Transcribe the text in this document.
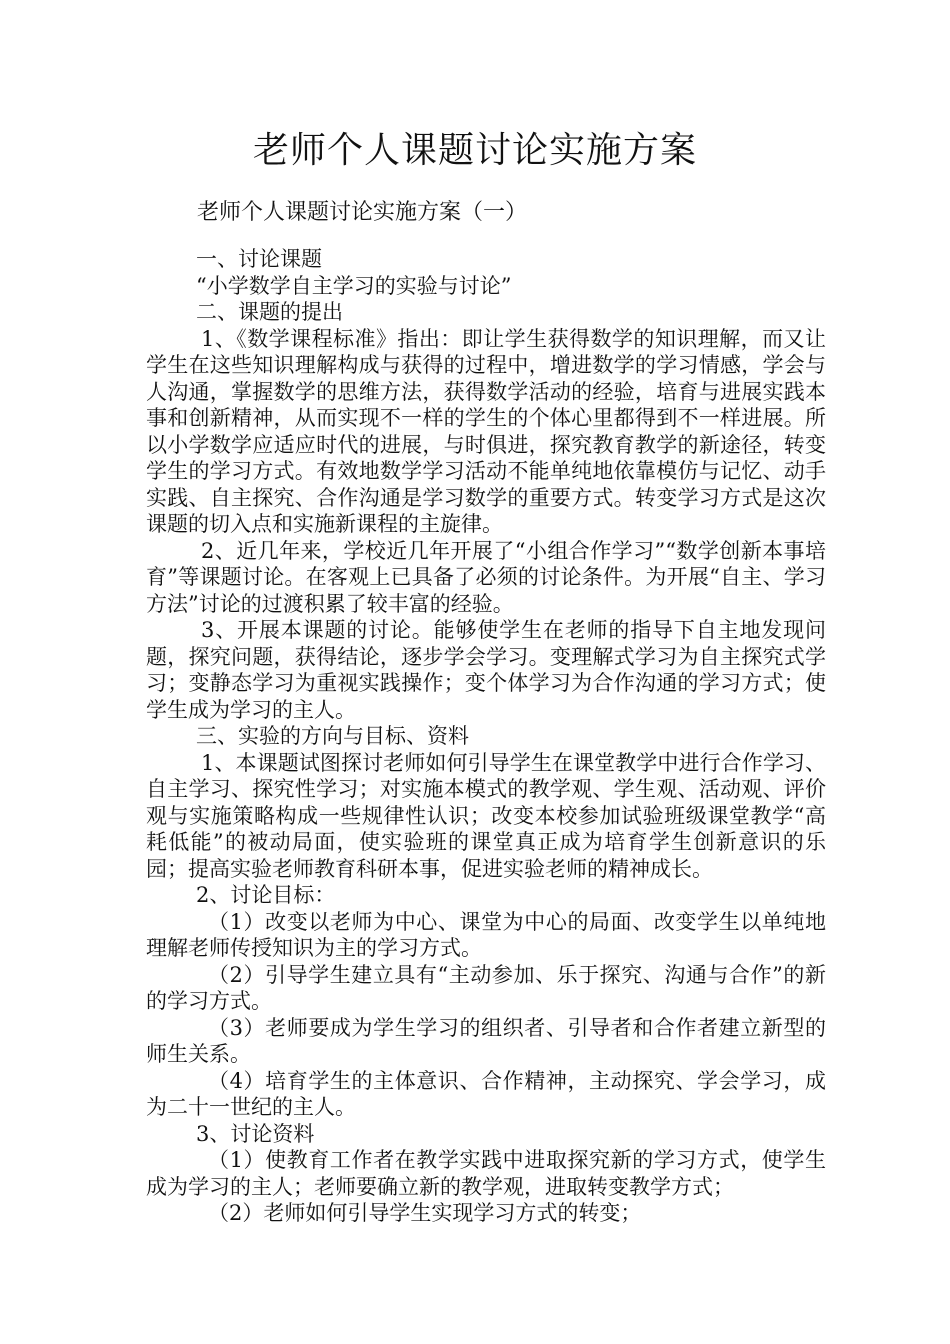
老师个人课题讨论实施方案
老师个人课题讨论实施方案（一）

一、讨论课题

“小学数学自主学习的实验与讨论”

二、课题的提出

1、《数学课程标准》指出：即让学生获得数学的知识理解，而又让学生在这些知识理解构成与获得的过程中，增进数学的学习情感，学会与人沟通，掌握数学的思维方法，获得数学活动的经验，培育与进展实践本事和创新精神，从而实现不一样的学生的个体心里都得到不一样进展。所以小学数学应适应时代的进展，与时俱进，探究教育教学的新途径，转变学生的学习方式。有效地数学学习活动不能单纯地依靠模仿与记忆、动手实践、自主探究、合作沟通是学习数学的重要方式。转变学习方式是这次课题的切入点和实施新课程的主旋律。

2、近几年来，学校近几年开展了“小组合作学习”“数学创新本事培育”等课题讨论。在客观上已具备了必须的讨论条件。为开展“自主、学习方法”讨论的过渡积累了较丰富的经验。

3、开展本课题的讨论。能够使学生在老师的指导下自主地发现问题，探究问题，获得结论，逐步学会学习。变理解式学习为自主探究式学习；变静态学习为重视实践操作；变个体学习为合作沟通的学习方式；使学生成为学习的主人。

三、实验的方向与目标、资料

1、本课题试图探讨老师如何引导学生在课堂教学中进行合作学习、自主学习、探究性学习；对实施本模式的教学观、学生观、活动观、评价观与实施策略构成一些规律性认识；改变本校参加试验班级课堂教学“高耗低能”的被动局面，使实验班的课堂真正成为培育学生创新意识的乐园；提高实验老师教育科研本事，促进实验老师的精神成长。

2、讨论目标：

（1）改变以老师为中心、课堂为中心的局面、改变学生以单纯地理解老师传授知识为主的学习方式。

（2）引导学生建立具有“主动参加、乐于探究、沟通与合作”的新的学习方式。

（3）老师要成为学生学习的组织者、引导者和合作者建立新型的师生关系。

（4）培育学生的主体意识、合作精神，主动探究、学会学习，成为二十一世纪的主人。

3、讨论资料

（1）使教育工作者在教学实践中进取探究新的学习方式，使学生成为学习的主人；老师要确立新的教学观，进取转变教学方式；

（2）老师如何引导学生实现学习方式的转变；
